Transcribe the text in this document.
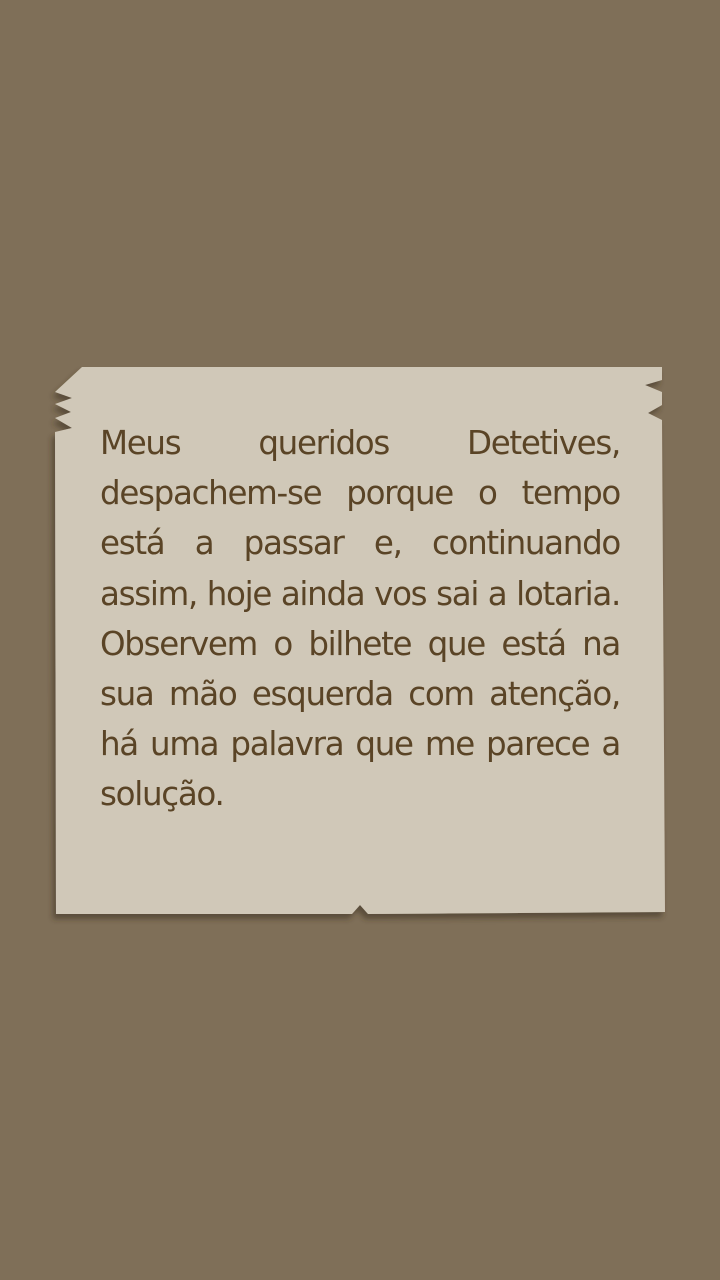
Meus queridos Detetives, despachem-se porque o tempo está a passar e, continuando assim, hoje ainda vos sai a lotaria. Observem o bilhete que está na sua mão esquerda com atenção, há uma palavra que me parece a solução.
